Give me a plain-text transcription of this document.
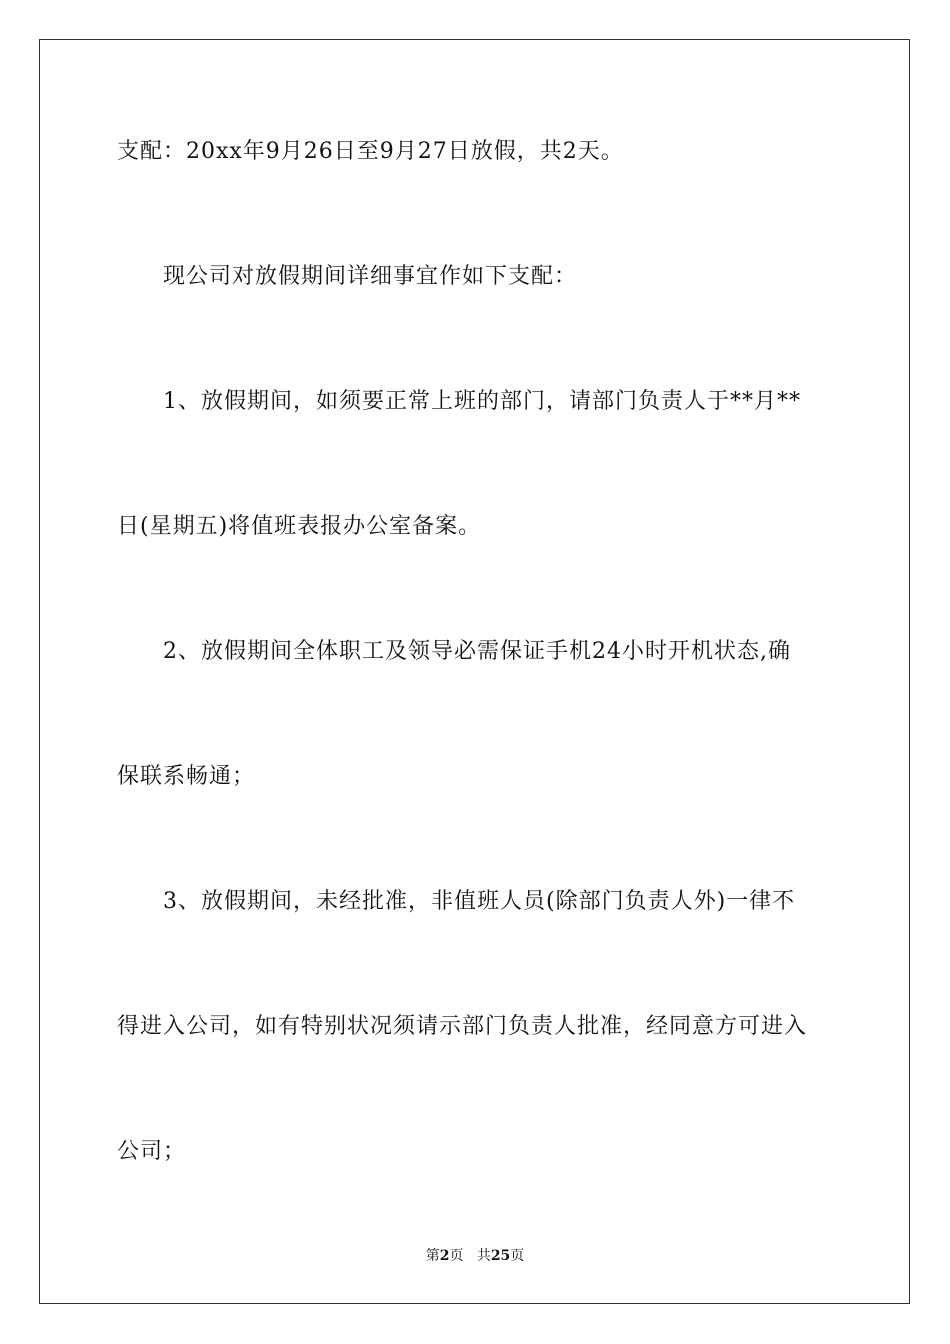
支配：20xx年9月26日至9月27日放假，共2天。
现公司对放假期间详细事宜作如下支配：
1、放假期间，如须要正常上班的部门，请部门负责人于**月**
日(星期五)将值班表报办公室备案。
2、放假期间全体职工及领导必需保证手机24小时开机状态,确
保联系畅通；
3、放假期间，未经批准，非值班人员(除部门负责人外)一律不
得进入公司，如有特别状况须请示部门负责人批准，经同意方可进入
公司；
第2页 共25页
